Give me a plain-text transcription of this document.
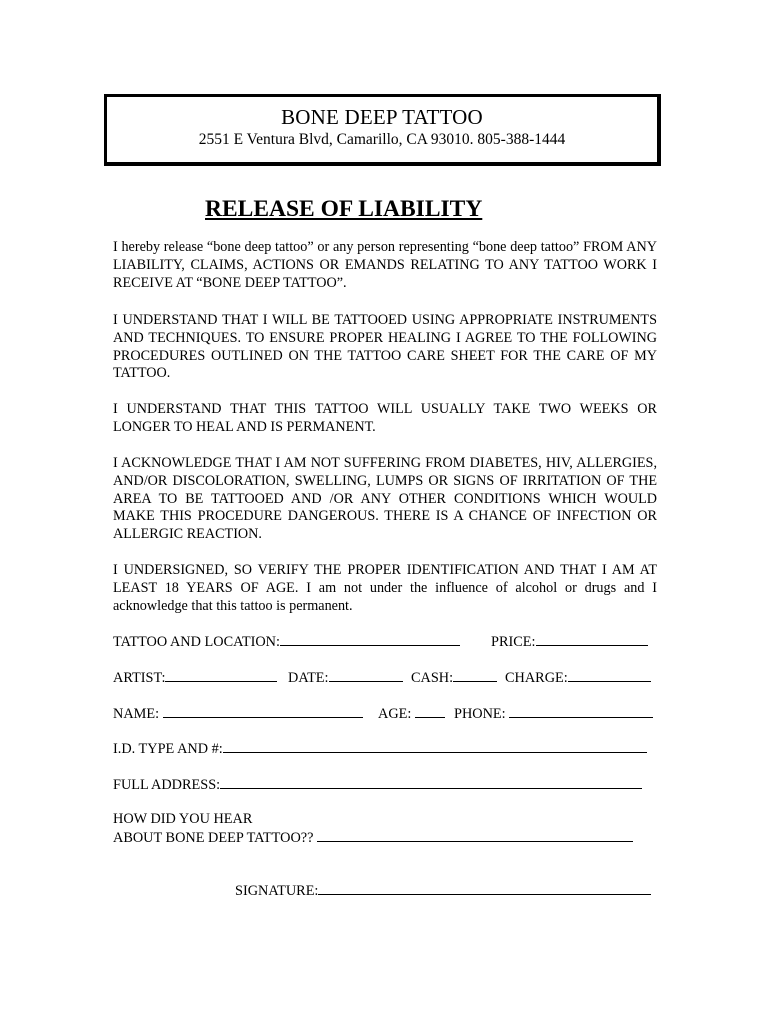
BONE DEEP TATTOO
2551 E Ventura Blvd, Camarillo, CA 93010. 805-388-1444
RELEASE OF LIABILITY
I hereby release “bone deep tattoo” or any person representing “bone deep tattoo” FROM ANY LIABILITY, CLAIMS, ACTIONS OR EMANDS RELATING TO ANY TATTOO WORK I RECEIVE AT “BONE DEEP TATTOO”.
I UNDERSTAND THAT I WILL BE TATTOOED USING APPROPRIATE INSTRUMENTS AND TECHNIQUES. TO ENSURE PROPER HEALING I AGREE TO THE FOLLOWING PROCEDURES OUTLINED ON THE TATTOO CARE SHEET FOR THE CARE OF MY TATTOO.
I UNDERSTAND THAT THIS TATTOO WILL USUALLY TAKE TWO WEEKS OR LONGER TO HEAL AND IS PERMANENT.
I ACKNOWLEDGE THAT I AM NOT SUFFERING FROM DIABETES, HIV, ALLERGIES, AND/OR DISCOLORATION, SWELLING, LUMPS OR SIGNS OF IRRITATION OF THE AREA TO BE TATTOOED AND /OR ANY OTHER CONDITIONS WHICH WOULD MAKE THIS PROCEDURE DANGEROUS. THERE IS A CHANCE OF INFECTION OR ALLERGIC REACTION.
I UNDERSIGNED, SO VERIFY THE PROPER IDENTIFICATION AND THAT I AM AT LEAST 18 YEARS OF AGE. I am not under the influence of alcohol or drugs and I acknowledge that this tattoo is permanent.
TATTOO AND LOCATION:	PRICE:
ARTIST:	DATE:	CASH:	CHARGE:
NAME:	AGE:	PHONE:
I.D. TYPE AND #:
FULL ADDRESS:
HOW DID YOU HEAR
ABOUT BONE DEEP TATTOO??
SIGNATURE:
